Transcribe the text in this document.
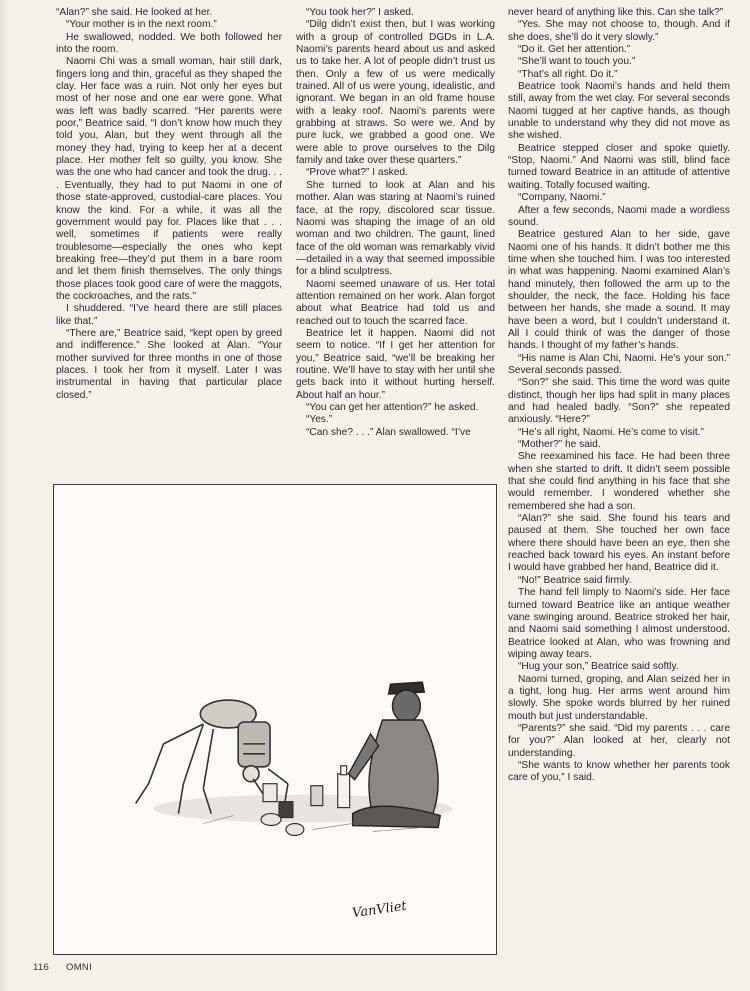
“Alan?” she said. He looked at her.

“Your mother is in the next room.”

He swallowed, nodded. We both followed her into the room.

Naomi Chi was a small woman, hair still dark, fingers long and thin, graceful as they shaped the clay. Her face was a ruin. Not only her eyes but most of her nose and one ear were gone. What was left was badly scarred. “Her parents were poor,” Beatrice said. “I don’t know how much they told you, Alan, but they went through all the money they had, trying to keep her at a decent place. Her mother felt so guilty, you know. She was the one who had cancer and took the drug. . . . Eventually, they had to put Naomi in one of those state-approved, custodial-care places. You know the kind. For a while, it was all the government would pay for. Places like that . . . well, sometimes if patients were really troublesome—especially the ones who kept breaking free—they’d put them in a bare room and let them finish themselves. The only things those places took good care of were the maggots, the cockroaches, and the rats.”

I shuddered. “I’ve heard there are still places like that.”

“There are,” Beatrice said, “kept open by greed and indifference.” She looked at Alan. “Your mother survived for three months in one of those places. I took her from it myself. Later I was instrumental in having that particular place closed.”

“You took her?” I asked.

“Dilg didn’t exist then, but I was working with a group of controlled DGDs in L.A. Naomi’s parents heard about us and asked us to take her. A lot of people didn’t trust us then. Only a few of us were medically trained. All of us were young, idealistic, and ignorant. We began in an old frame house with a leaky roof. Naomi’s parents were grabbing at straws. So were we. And by pure luck, we grabbed a good one. We were able to prove ourselves to the Dilg family and take over these quarters.”

“Prove what?” I asked.

She turned to look at Alan and his mother. Alan was staring at Naomi’s ruined face, at the ropy, discolored scar tissue. Naomi was shaping the image of an old woman and two children. The gaunt, lined face of the old woman was remarkably vivid—detailed in a way that seemed impossible for a blind sculptress.

Naomi seemed unaware of us. Her total attention remained on her work. Alan forgot about what Beatrice had told us and reached out to touch the scarred face.

Beatrice let it happen. Naomi did not seem to notice. “If I get her attention for you,” Beatrice said, “we’ll be breaking her routine. We’ll have to stay with her until she gets back into it without hurting herself. About half an hour.”

“You can get her attention?” he asked.

“Yes.”

“Can she? . . .” Alan swallowed. “I’ve

never heard of anything like this. Can she talk?”

“Yes. She may not choose to, though. And if she does, she’ll do it very slowly.”

“Do it. Get her attention.”

“She’ll want to touch you.”

“That’s all right. Do it.”

Beatrice took Naomi’s hands and held them still, away from the wet clay. For several seconds Naomi tugged at her captive hands, as though unable to understand why they did not move as she wished.

Beatrice stepped closer and spoke quietly. “Stop, Naomi.” And Naomi was still, blind face turned toward Beatrice in an attitude of attentive waiting. Totally focused waiting.

“Company, Naomi.”

After a few seconds, Naomi made a wordless sound.

Beatrice gestured Alan to her side, gave Naomi one of his hands. It didn’t bother me this time when she touched him. I was too interested in what was happening. Naomi examined Alan’s hand minutely, then followed the arm up to the shoulder, the neck, the face. Holding his face between her hands, she made a sound. It may have been a word, but I couldn’t understand it. All I could think of was the danger of those hands. I thought of my father’s hands.

“His name is Alan Chi, Naomi. He’s your son.” Several seconds passed.

“Son?” she said. This time the word was quite distinct, though her lips had split in many places and had healed badly. “Son?” she repeated anxiously. “Here?”

“He’s all right, Naomi. He’s come to visit.”

“Mother?” he said.

She reexamined his face. He had been three when she started to drift. It didn’t seem possible that she could find anything in his face that she would remember. I wondered whether she remembered she had a son.

“Alan?” she said. She found his tears and paused at them. She touched her own face where there should have been an eye, then she reached back toward his eyes. An instant before I would have grabbed her hand, Beatrice did it.

“No!” Beatrice said firmly.

The hand fell limply to Naomi’s side. Her face turned toward Beatrice like an antique weather vane swinging around. Beatrice stroked her hair, and Naomi said something I almost understood. Beatrice looked at Alan, who was frowning and wiping away tears.

“Hug your son,” Beatrice said softly.

Naomi turned, groping, and Alan seized her in a tight, long hug. Her arms went around him slowly. She spoke words blurred by her ruined mouth but just understandable.

“Parents?” she said. “Did my parents . . . care for you?” Alan looked at her, clearly not understanding.

“She wants to know whether her parents took care of you,” I said.

VanVliet
116 OMNI
